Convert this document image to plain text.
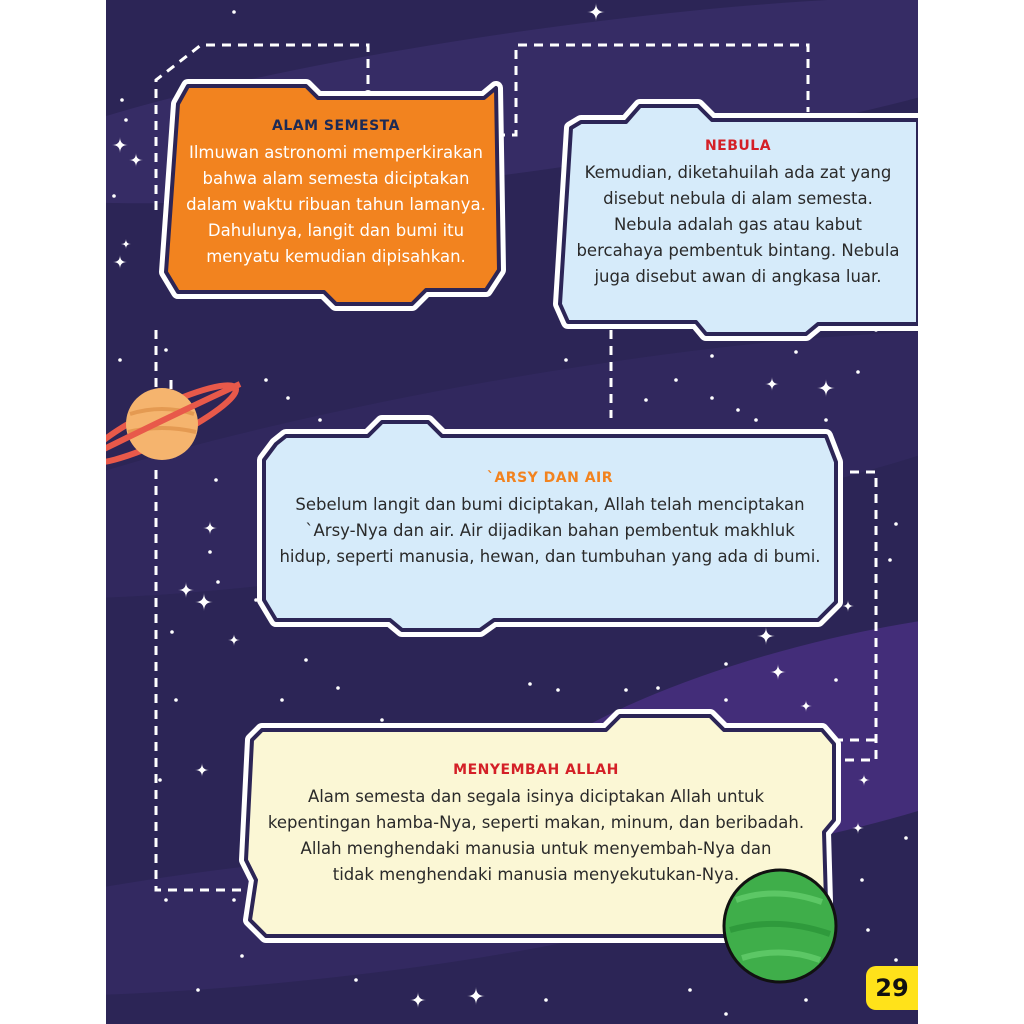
ALAM SEMESTA
Ilmuwan astronomi memperkirakan
bahwa alam semesta diciptakan
dalam waktu ribuan tahun lamanya.
Dahulunya, langit dan bumi itu
menyatu kemudian dipisahkan.
NEBULA
Kemudian, diketahuilah ada zat yang
disebut nebula di alam semesta.
Nebula adalah gas atau kabut
bercahaya pembentuk bintang. Nebula
juga disebut awan di angkasa luar.
`ARSY DAN AIR
Sebelum langit dan bumi diciptakan, Allah telah menciptakan
`Arsy-Nya dan air. Air dijadikan bahan pembentuk makhluk
hidup, seperti manusia, hewan, dan tumbuhan yang ada di bumi.
MENYEMBAH ALLAH
Alam semesta dan segala isinya diciptakan Allah untuk
kepentingan hamba-Nya, seperti makan, minum, dan beribadah.
Allah menghendaki manusia untuk menyembah-Nya dan
tidak menghendaki manusia menyekutukan-Nya.
29
